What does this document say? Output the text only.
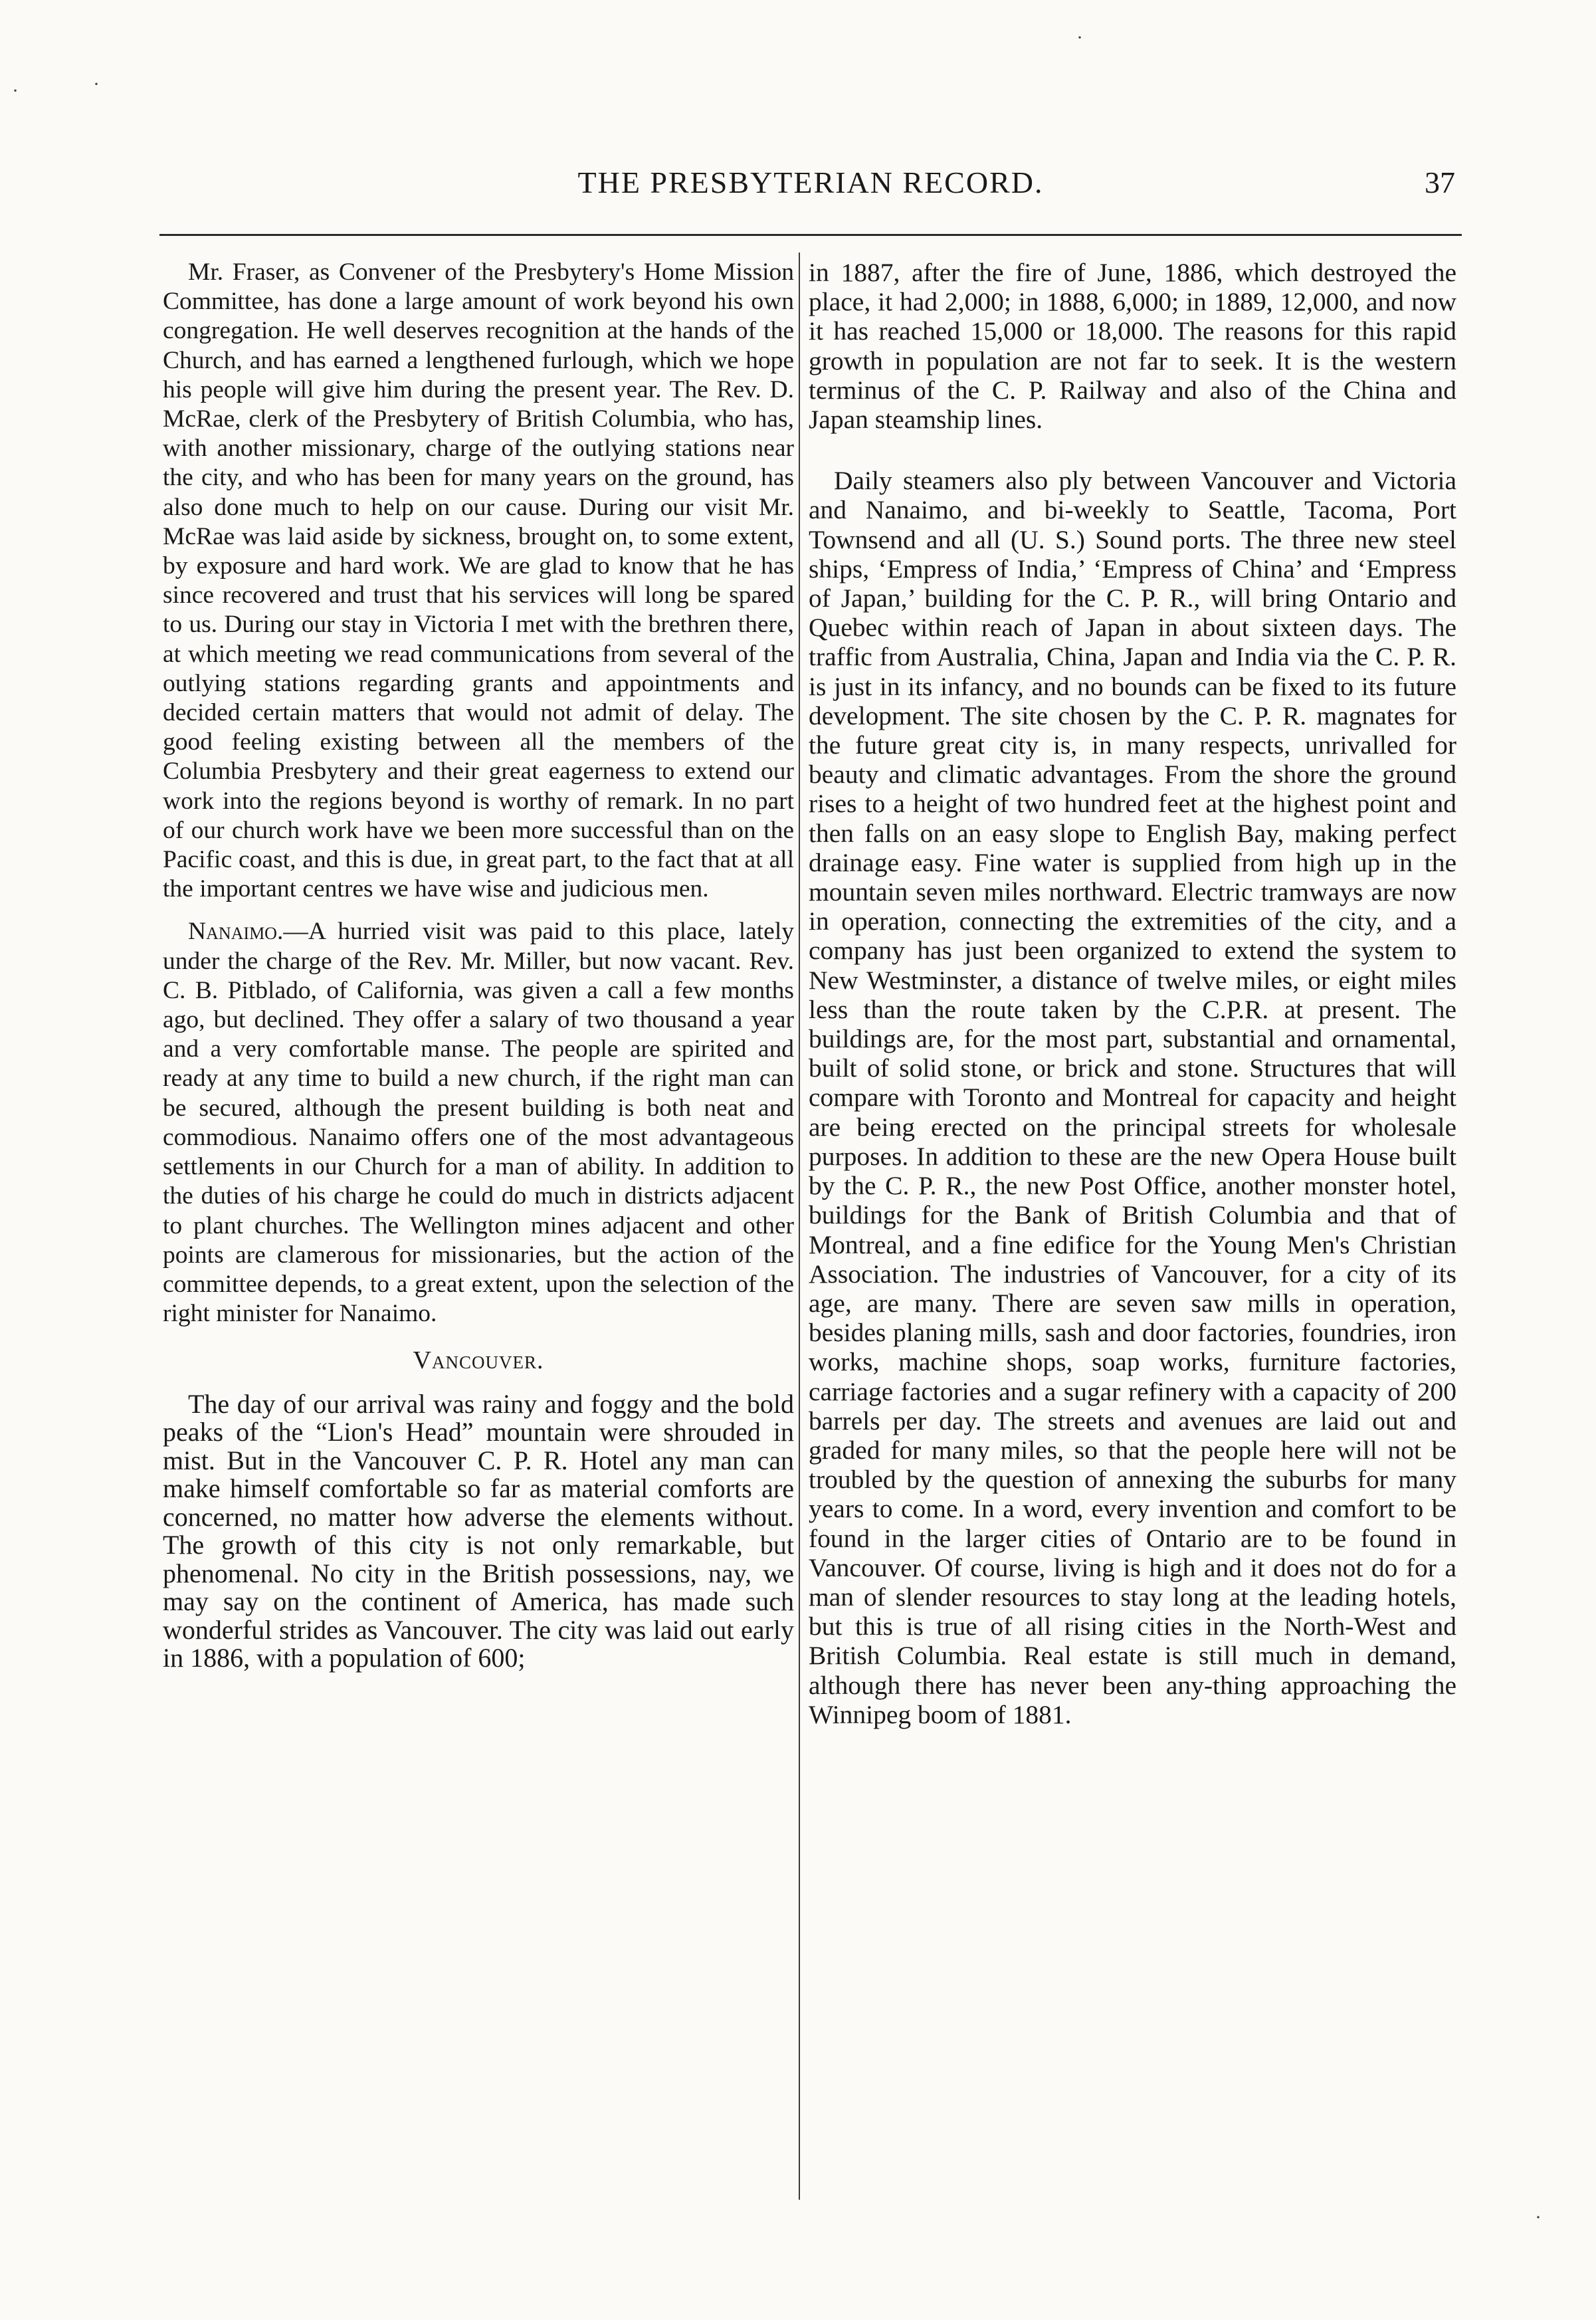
THE PRESBYTERIAN RECORD.	37

Mr. Fraser, as Convener of the Presbytery's Home Mission Committee, has done a large amount of work beyond his own congregation. He well deserves recognition at the hands of the Church, and has earned a lengthened furlough, which we hope his people will give him during the present year. The Rev. D. McRae, clerk of the Presbytery of British Columbia, who has, with another missionary, charge of the outlying stations near the city, and who has been for many years on the ground, has also done much to help on our cause. During our visit Mr. McRae was laid aside by sickness, brought on, to some extent, by exposure and hard work. We are glad to know that he has since recovered and trust that his services will long be spared to us. During our stay in Victoria I met with the brethren there, at which meeting we read communications from several of the outlying stations regarding grants and appointments and decided certain matters that would not admit of delay. The good feeling existing between all the members of the Columbia Presbytery and their great eagerness to extend our work into the regions beyond is worthy of remark. In no part of our church work have we been more successful than on the Pacific coast, and this is due, in great part, to the fact that at all the important centres we have wise and judicious men.

Nanaimo.—A hurried visit was paid to this place, lately under the charge of the Rev. Mr. Miller, but now vacant. Rev. C. B. Pitblado, of California, was given a call a few months ago, but declined. They offer a salary of two thousand a year and a very comfortable manse. The people are spirited and ready at any time to build a new church, if the right man can be secured, although the present building is both neat and commodious. Nanaimo offers one of the most advantageous settlements in our Church for a man of ability. In addition to the duties of his charge he could do much in districts adjacent to plant churches. The Wellington mines adjacent and other points are clamerous for missionaries, but the action of the committee depends, to a great extent, upon the selection of the right minister for Nanaimo.

Vancouver.

The day of our arrival was rainy and foggy and the bold peaks of the “Lion's Head” mountain were shrouded in mist. But in the Vancouver C. P. R. Hotel any man can make himself comfortable so far as material comforts are concerned, no matter how adverse the elements without. The growth of this city is not only remarkable, but phenomenal. No city in the British possessions, nay, we may say on the continent of America, has made such wonderful strides as Vancouver. The city was laid out early in 1886, with a population of 600;

in 1887, after the fire of June, 1886, which destroyed the place, it had 2,000; in 1888, 6,000; in 1889, 12,000, and now it has reached 15,000 or 18,000. The reasons for this rapid growth in population are not far to seek. It is the western terminus of the C. P. Railway and also of the China and Japan steamship lines.

Daily steamers also ply between Vancouver and Victoria and Nanaimo, and bi-weekly to Seattle, Tacoma, Port Townsend and all (U. S.) Sound ports. The three new steel ships, ‘Empress of India,’ ‘Empress of China’ and ‘Empress of Japan,’ building for the C. P. R., will bring Ontario and Quebec within reach of Japan in about sixteen days. The traffic from Australia, China, Japan and India via the C. P. R. is just in its infancy, and no bounds can be fixed to its future development. The site chosen by the C. P. R. magnates for the future great city is, in many respects, unrivalled for beauty and climatic advantages. From the shore the ground rises to a height of two hundred feet at the highest point and then falls on an easy slope to English Bay, making perfect drainage easy. Fine water is supplied from high up in the mountain seven miles northward. Electric tramways are now in operation, connecting the extremities of the city, and a company has just been organized to extend the system to New Westminster, a distance of twelve miles, or eight miles less than the route taken by the C.P.R. at present. The buildings are, for the most part, substantial and ornamental, built of solid stone, or brick and stone. Structures that will compare with Toronto and Montreal for capacity and height are being erected on the principal streets for wholesale purposes. In addition to these are the new Opera House built by the C. P. R., the new Post Office, another monster hotel, buildings for the Bank of British Columbia and that of Montreal, and a fine edifice for the Young Men's Christian Association. The industries of Vancouver, for a city of its age, are many. There are seven saw mills in operation, besides planing mills, sash and door factories, foundries, iron works, machine shops, soap works, furniture factories, carriage factories and a sugar refinery with a capacity of 200 barrels per day. The streets and avenues are laid out and graded for many miles, so that the people here will not be troubled by the question of annexing the suburbs for many years to come. In a word, every invention and comfort to be found in the larger cities of Ontario are to be found in Vancouver. Of course, living is high and it does not do for a man of slender resources to stay long at the leading hotels, but this is true of all rising cities in the North-West and British Columbia. Real estate is still much in demand, although there has never been any-thing approaching the Winnipeg boom of 1881.

·	·
·
·
